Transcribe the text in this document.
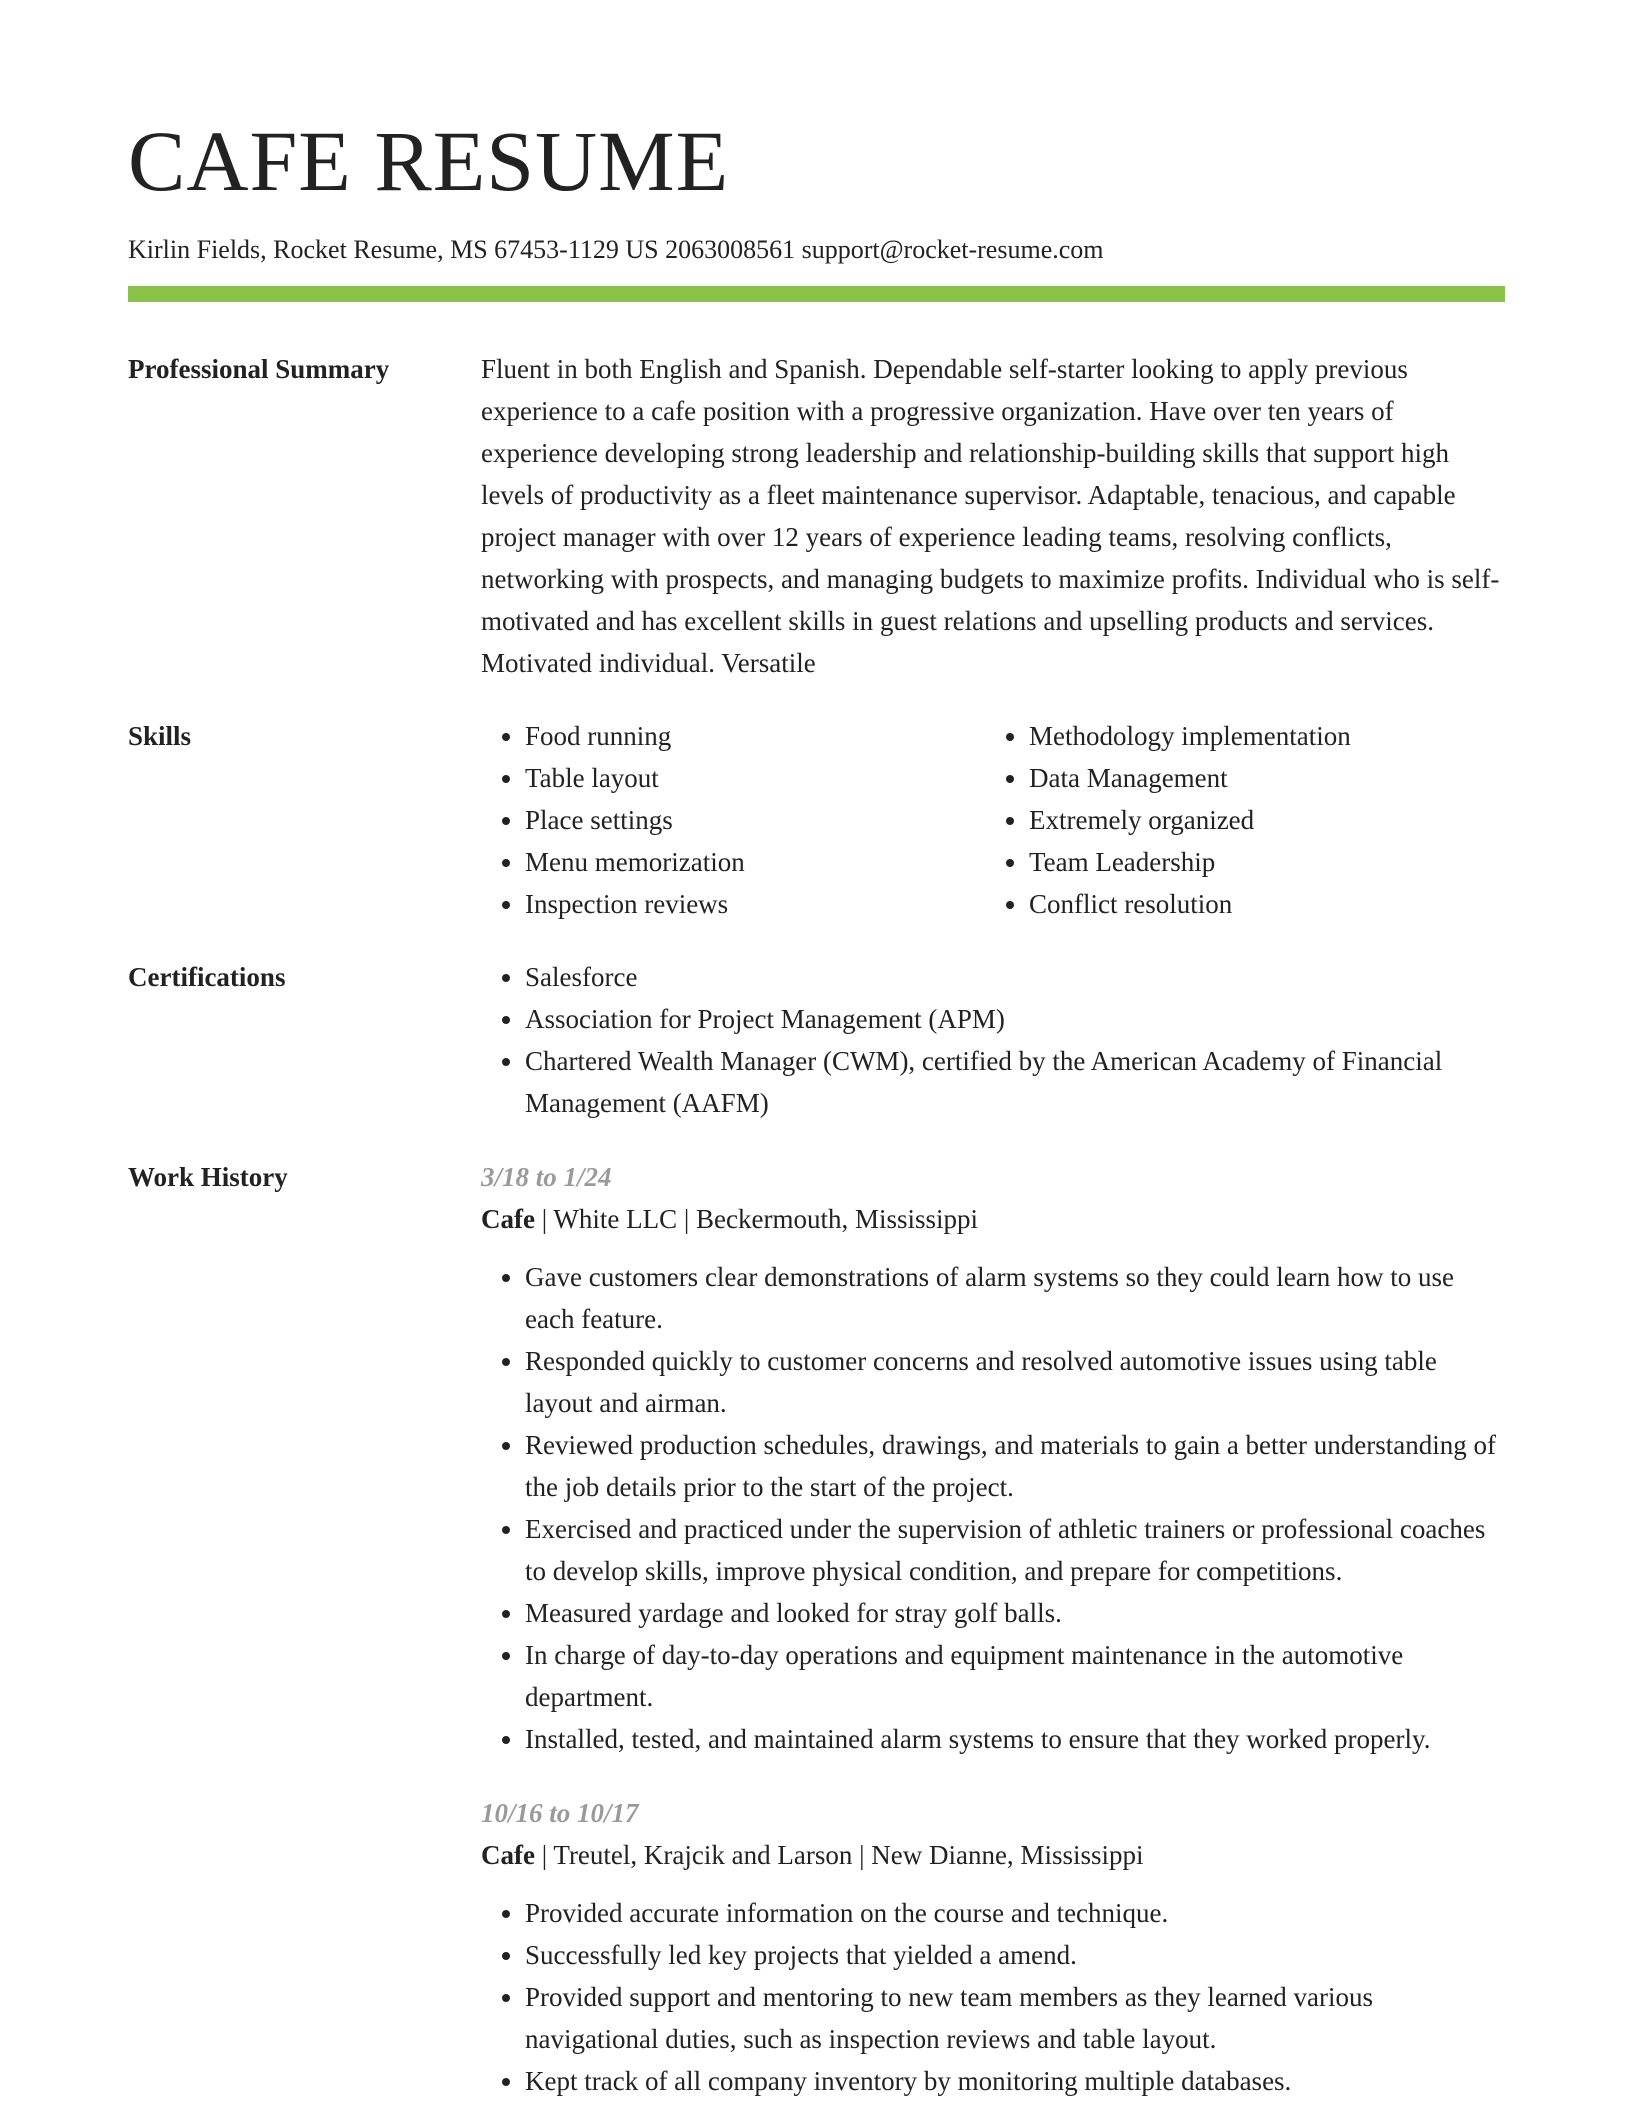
CAFE RESUME
Kirlin Fields, Rocket Resume, MS 67453-1129 US 2063008561 support@rocket-resume.com
Professional Summary	Fluent in both English and Spanish. Dependable self-starter looking to apply previous experience to a cafe position with a progressive organization. Have over ten years of experience developing strong leadership and relationship-building skills that support high levels of productivity as a fleet maintenance supervisor. Adaptable, tenacious, and capable project manager with over 12 years of experience leading teams, resolving conflicts, networking with prospects, and managing budgets to maximize profits. Individual who is self-motivated and has excellent skills in guest relations and upselling products and services. Motivated individual. Versatile

Skills	• Food running
• Table layout
• Place settings
• Menu memorization
• Inspection reviews
• Methodology implementation
• Data Management
• Extremely organized
• Team Leadership
• Conflict resolution
Certifications	• Salesforce
• Association for Project Management (APM)
• Chartered Wealth Manager (CWM), certified by the American Academy of Financial Management (AAFM)
Work History	3/18 to 1/24
Cafe | White LLC | Beckermouth, Mississippi
• Gave customers clear demonstrations of alarm systems so they could learn how to use each feature.
• Responded quickly to customer concerns and resolved automotive issues using table layout and airman.
• Reviewed production schedules, drawings, and materials to gain a better understanding of the job details prior to the start of the project.
• Exercised and practiced under the supervision of athletic trainers or professional coaches to develop skills, improve physical condition, and prepare for competitions.
• Measured yardage and looked for stray golf balls.
• In charge of day-to-day operations and equipment maintenance in the automotive department.
• Installed, tested, and maintained alarm systems to ensure that they worked properly.
10/16 to 10/17
Cafe | Treutel, Krajcik and Larson | New Dianne, Mississippi
• Provided accurate information on the course and technique.
• Successfully led key projects that yielded a amend.
• Provided support and mentoring to new team members as they learned various navigational duties, such as inspection reviews and table layout.
• Kept track of all company inventory by monitoring multiple databases.
